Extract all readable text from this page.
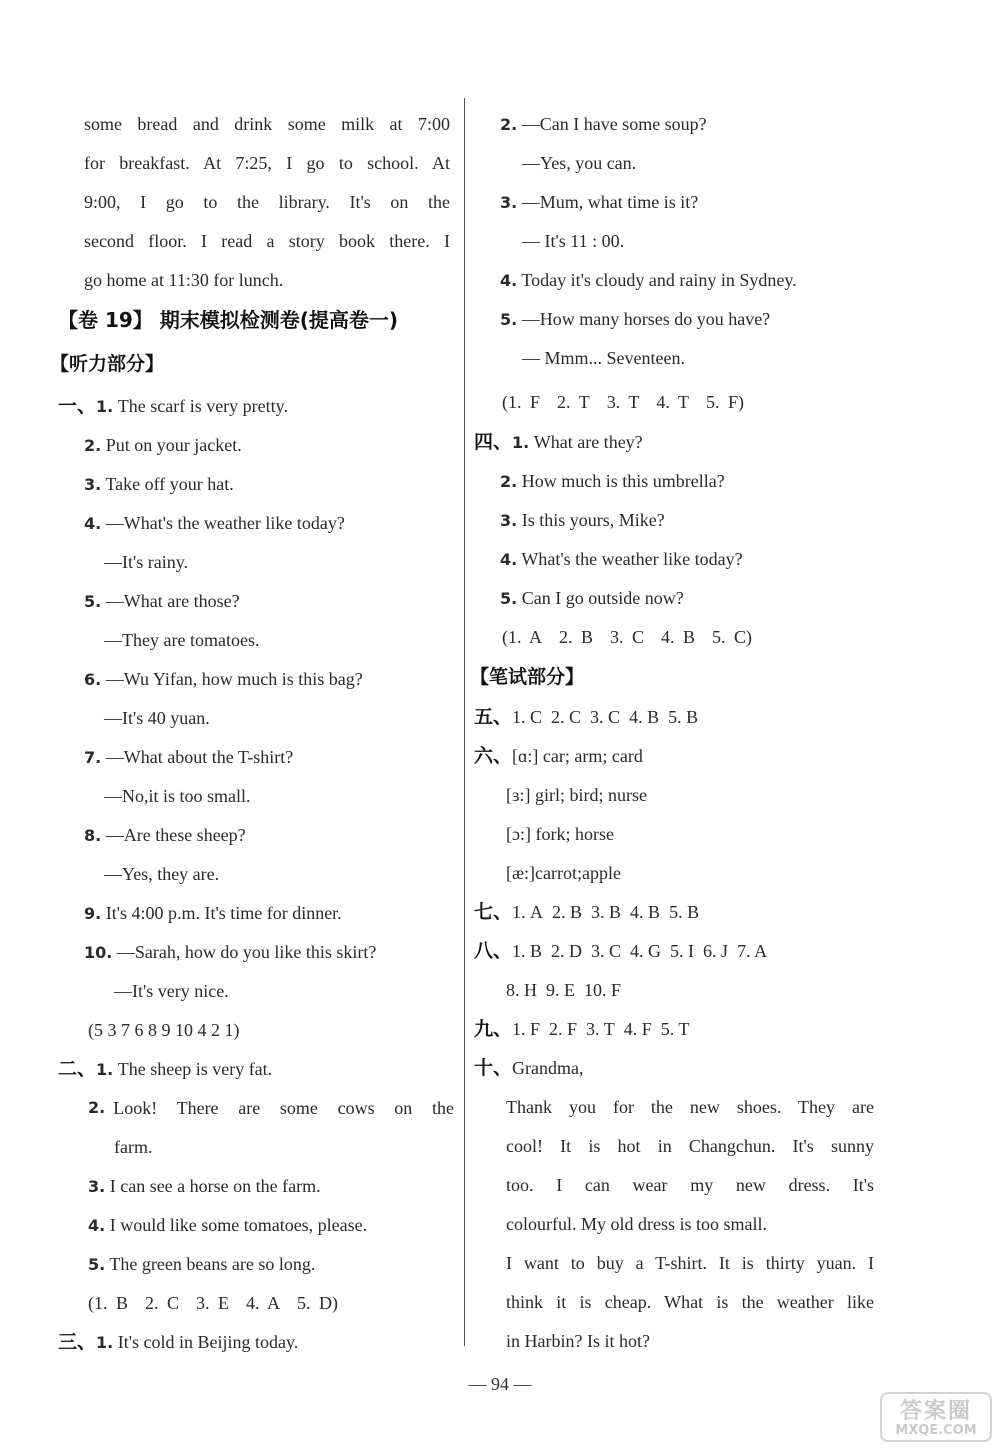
some bread and drink some milk at 7:00
for breakfast. At 7:25, I go to school. At
9:00, I go to the library. It's on the
second floor. I read a story book there. I
go home at 11:30 for lunch.
【卷 19】 期末模拟检测卷(提高卷一)
【听力部分】
一、1. The scarf is very pretty.
2. Put on your jacket.
3. Take off your hat.
4. —What's the weather like today?
—It's rainy.
5. —What are those?
—They are tomatoes.
6. —Wu Yifan, how much is this bag?
—It's 40 yuan.
7. —What about the T-shirt?
—No,it is too small.
8. —Are these sheep?
—Yes, they are.
9. It's 4:00 p.m. It's time for dinner.
10. —Sarah, how do you like this skirt?
—It's very nice.
(5 3 7 6 8 9 10 4 2 1)
二、1. The sheep is very fat.
2. Look! There are some cows on the
farm.
3. I can see a horse on the farm.
4. I would like some tomatoes, please.
5. The green beans are so long.
(1. B 2. C 3. E 4. A 5. D)
三、1. It's cold in Beijing today.
2. —Can I have some soup?
—Yes, you can.
3. —Mum, what time is it?
— It's 11 : 00.
4. Today it's cloudy and rainy in Sydney.
5. —How many horses do you have?
— Mmm... Seventeen.
(1. F 2. T 3. T 4. T 5. F)
四、1. What are they?
2. How much is this umbrella?
3. Is this yours, Mike?
4. What's the weather like today?
5. Can I go outside now?
(1. A 2. B 3. C 4. B 5. C)
【笔试部分】
五、1. C 2. C 3. C 4. B 5. B
六、[ɑ:] car; arm; card
[ɜ:] girl; bird; nurse
[ɔ:] fork; horse
[æ:]carrot;apple
七、1. A 2. B 3. B 4. B 5. B
八、1. B 2. D 3. C 4. G 5. I 6. J 7. A
8. H 9. E 10. F
九、1. F 2. F 3. T 4. F 5. T
十、Grandma,
Thank you for the new shoes. They are
cool! It is hot in Changchun. It's sunny
too. I can wear my new dress. It's
colourful. My old dress is too small.
I want to buy a T-shirt. It is thirty yuan. I
think it is cheap. What is the weather like
in Harbin? Is it hot?
— 94 —
答案圈
MXQE.COM
